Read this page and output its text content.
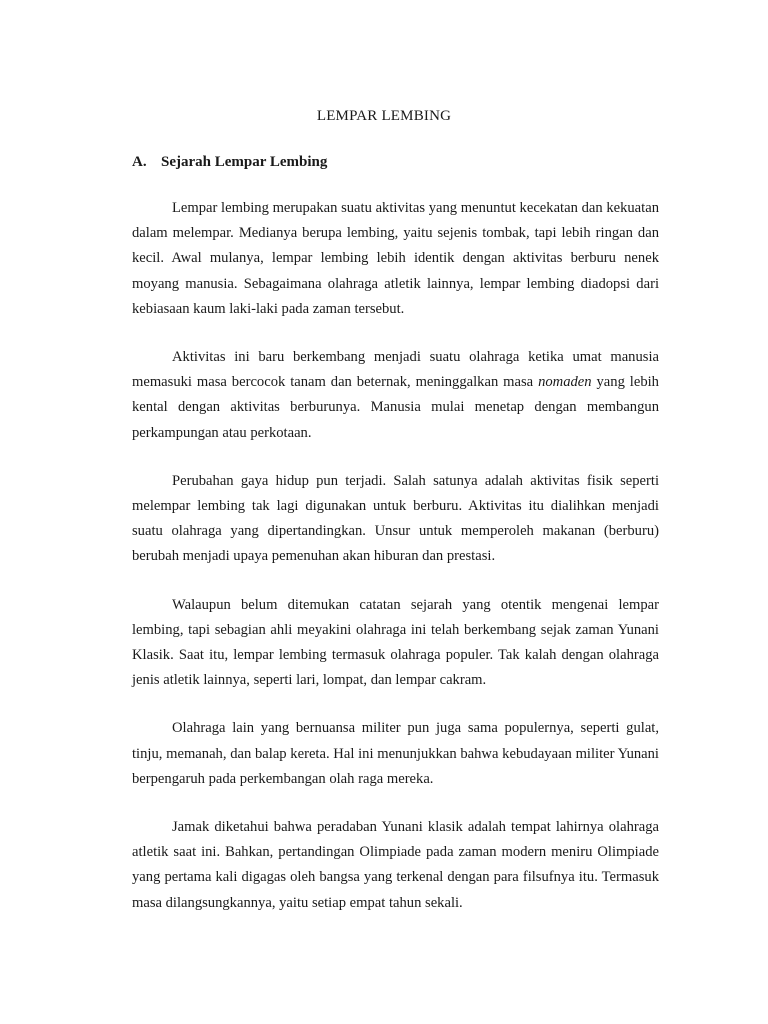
LEMPAR LEMBING
A. Sejarah Lempar Lembing

Lempar lembing merupakan suatu aktivitas yang menuntut kecekatan dan kekuatan dalam melempar. Medianya berupa lembing, yaitu sejenis tombak, tapi lebih ringan dan kecil. Awal mulanya, lempar lembing lebih identik dengan aktivitas berburu nenek moyang manusia. Sebagaimana olahraga atletik lainnya, lempar lembing diadopsi dari kebiasaan kaum laki-laki pada zaman tersebut.

Aktivitas ini baru berkembang menjadi suatu olahraga ketika umat manusia memasuki masa bercocok tanam dan beternak, meninggalkan masa nomaden yang lebih kental dengan aktivitas berburunya. Manusia mulai menetap dengan membangun perkampungan atau perkotaan.

Perubahan gaya hidup pun terjadi. Salah satunya adalah aktivitas fisik seperti melempar lembing tak lagi digunakan untuk berburu. Aktivitas itu dialihkan menjadi suatu olahraga yang dipertandingkan. Unsur untuk memperoleh makanan (berburu) berubah menjadi upaya pemenuhan akan hiburan dan prestasi.

Walaupun belum ditemukan catatan sejarah yang otentik mengenai lempar lembing, tapi sebagian ahli meyakini olahraga ini telah berkembang sejak zaman Yunani Klasik. Saat itu, lempar lembing termasuk olahraga populer. Tak kalah dengan olahraga jenis atletik lainnya, seperti lari, lompat, dan lempar cakram.

Olahraga lain yang bernuansa militer pun juga sama populernya, seperti gulat, tinju, memanah, dan balap kereta. Hal ini menunjukkan bahwa kebudayaan militer Yunani berpengaruh pada perkembangan olah raga mereka.

Jamak diketahui bahwa peradaban Yunani klasik adalah tempat lahirnya olahraga atletik saat ini. Bahkan, pertandingan Olimpiade pada zaman modern meniru Olimpiade yang pertama kali digagas oleh bangsa yang terkenal dengan para filsufnya itu. Termasuk masa dilangsungkannya, yaitu setiap empat tahun sekali.
